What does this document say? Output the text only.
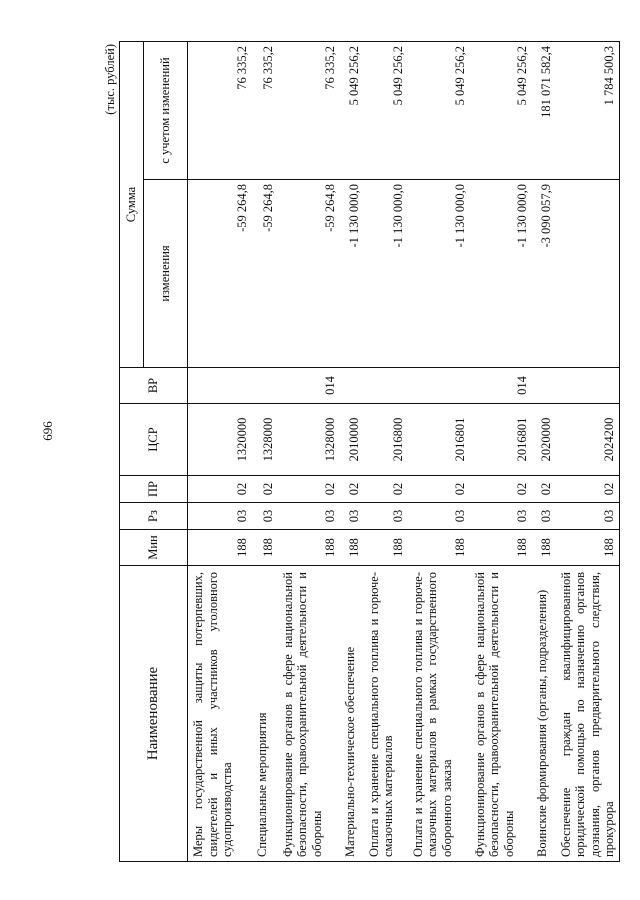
696
(тыс. рублей)
Наименование	Мин	Рз	ПР	ЦСР	ВР	Сумма	
						изменения	с учетом изменений
Меры государственной защиты потерпевших, свидетелей и иных участников уголовного судопроизводства	188	03	02	1320000		-59 264,8	76 335,2
Специальные мероприятия	188	03	02	1328000		-59 264,8	76 335,2
Функционирование органов в сфере национальной безопасности, правоохранительной деятельности и обороны	188	03	02	1328000	014	-59 264,8	76 335,2
Материально-техническое обеспечение	188	03	02	2010000		-1 130 000,0	5 049 256,2
Оплата и хранение специального топлива и горюче-смазочных материалов	188	03	02	2016800		-1 130 000,0	5 049 256,2
Оплата и хранение специального топлива и горюче-смазочных материалов в рамках государственного оборонного заказа	188	03	02	2016801		-1 130 000,0	5 049 256,2
Функционирование органов в сфере национальной безопасности, правоохранительной деятельности и обороны	188	03	02	2016801	014	-1 130 000,0	5 049 256,2
Воинские формирования (органы, подразделения)	188	03	02	2020000		-3 090 057,9	181 071 582,4
Обеспечение граждан квалифицированной юридической помощью по назначению органов дознания, органов предварительного следствия, прокурора	188	03	02	2024200			1 784 500,3
